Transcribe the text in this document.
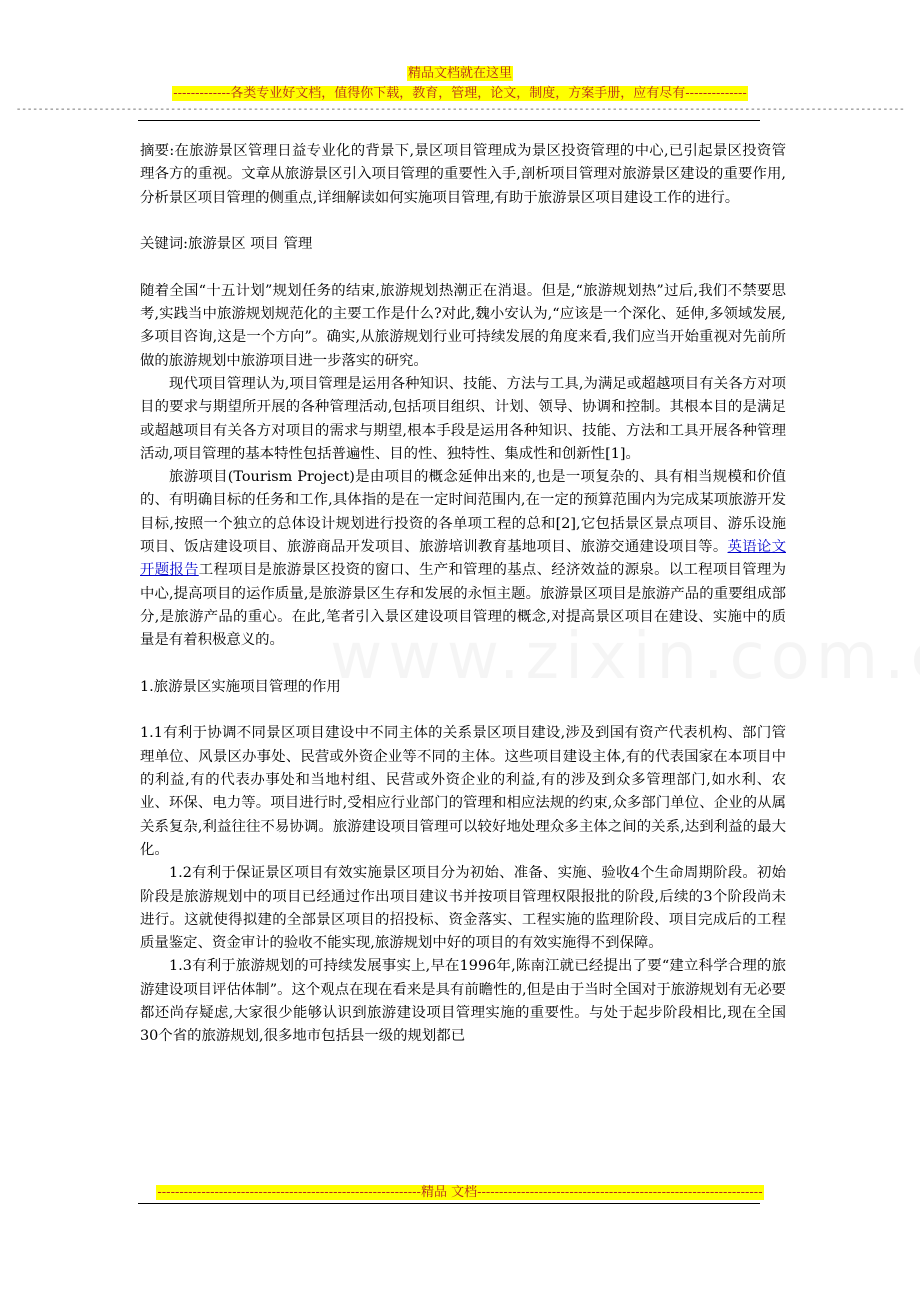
精品文档就在这里
-------------各类专业好文档，值得你下载，教育，管理，论文，制度，方案手册，应有尽有--------------
-----------------------------------------------------------------------------------------------------------------------------------------------------------------

摘要:在旅游景区管理日益专业化的背景下,景区项目管理成为景区投资管理的中心,已引起景区投资管理各方的重视。文章从旅游景区引入项目管理的重要性入手,剖析项目管理对旅游景区建设的重要作用,分析景区项目管理的侧重点,详细解读如何实施项目管理,有助于旅游景区项目建设工作的进行。

关键词:旅游景区 项目 管理

随着全国“十五计划”规划任务的结束,旅游规划热潮正在消退。但是,“旅游规划热”过后,我们不禁要思考,实践当中旅游规划规范化的主要工作是什么?对此,魏小安认为,“应该是一个深化、延伸,多领域发展,多项目咨询,这是一个方向”。确实,从旅游规划行业可持续发展的角度来看,我们应当开始重视对先前所做的旅游规划中旅游项目进一步落实的研究。

现代项目管理认为,项目管理是运用各种知识、技能、方法与工具,为满足或超越项目有关各方对项目的要求与期望所开展的各种管理活动,包括项目组织、计划、领导、协调和控制。其根本目的是满足或超越项目有关各方对项目的需求与期望,根本手段是运用各种知识、技能、方法和工具开展各种管理活动,项目管理的基本特性包括普遍性、目的性、独特性、集成性和创新性[1]。

旅游项目(Tourism Project)是由项目的概念延伸出来的,也是一项复杂的、具有相当规模和价值的、有明确目标的任务和工作,具体指的是在一定时间范围内,在一定的预算范围内为完成某项旅游开发目标,按照一个独立的总体设计规划进行投资的各单项工程的总和[2],它包括景区景点项目、游乐设施项目、饭店建设项目、旅游商品开发项目、旅游培训教育基地项目、旅游交通建设项目等。英语论文开题报告工程项目是旅游景区投资的窗口、生产和管理的基点、经济效益的源泉。以工程项目管理为中心,提高项目的运作质量,是旅游景区生存和发展的永恒主题。旅游景区项目是旅游产品的重要组成部分,是旅游产品的重心。在此,笔者引入景区建设项目管理的概念,对提高景区项目在建设、实施中的质量是有着积极意义的。

1.旅游景区实施项目管理的作用

1.1有利于协调不同景区项目建设中不同主体的关系景区项目建设,涉及到国有资产代表机构、部门管理单位、风景区办事处、民营或外资企业等不同的主体。这些项目建设主体,有的代表国家在本项目中的利益,有的代表办事处和当地村组、民营或外资企业的利益,有的涉及到众多管理部门,如水利、农业、环保、电力等。项目进行时,受相应行业部门的管理和相应法规的约束,众多部门单位、企业的从属关系复杂,利益往往不易协调。旅游建设项目管理可以较好地处理众多主体之间的关系,达到利益的最大化。

1.2有利于保证景区项目有效实施景区项目分为初始、准备、实施、验收4个生命周期阶段。初始阶段是旅游规划中的项目已经通过作出项目建议书并按项目管理权限报批的阶段,后续的3个阶段尚未进行。这就使得拟建的全部景区项目的招投标、资金落实、工程实施的监理阶段、项目完成后的工程质量鉴定、资金审计的验收不能实现,旅游规划中好的项目的有效实施得不到保障。

1.3有利于旅游规划的可持续发展事实上,早在1996年,陈南江就已经提出了要“建立科学合理的旅游建设项目评估体制”。这个观点在现在看来是具有前瞻性的,但是由于当时全国对于旅游规划有无必要都还尚存疑虑,大家很少能够认识到旅游建设项目管理实施的重要性。与处于起步阶段相比,现在全国30个省的旅游规划,很多地市包括县一级的规划都已

------------------------------------------------------------精品 文档-----------------------------------------------------------------
